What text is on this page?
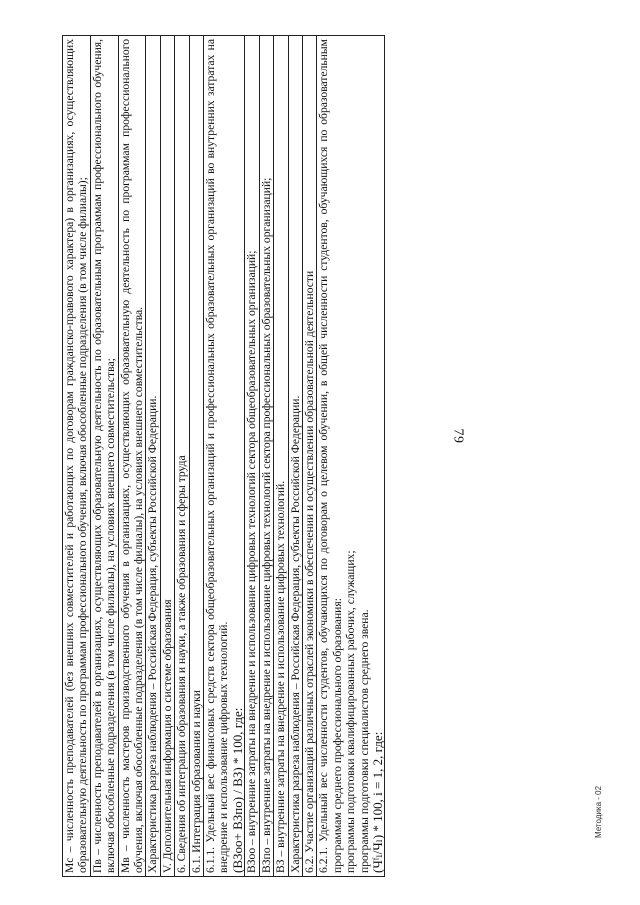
79
Методика - 02
Мс – численность преподавателей (без внешних совместителей и работающих по договорам гражданско-правового характера) в организациях, осуществляющих образовательную деятельность по программам профессионального обучения, включая обособленные подразделения (в том числе филиалы);
Пв – численность преподавателей в организациях, осуществляющих образовательную деятельность по образовательным программам профессионального обучения, включая обособленные подразделения (в том числе филиалы), на условиях внешнего совместительства;
Мв – численность мастеров производственного обучения в организациях, осуществляющих образовательную деятельность по программам профессионального обучения, включая обособленные подразделения (в том числе филиалы), на условиях внешнего совместительства.
Характеристика разреза наблюдения – Российская Федерация, субъекты Российской Федерации.
V. Дополнительная информация о системе образования
6. Сведения об интеграции образования и науки, а также образования и сферы труда
6.1. Интеграция образования и науки

6.1.1. Удельный вес финансовых средств сектора общеобразовательных организаций и профессиональных образовательных организаций во внутренних затратах на внедрение и использование цифровых технологий. (ВЗоо+ ВЗпо) / ВЗ) * 100, где:

ВЗоо – внутренние затраты на внедрение и использование цифровых технологий сектора общеобразовательных организаций;
ВЗпо – внутренние затраты на внедрение и использование цифровых технологий сектора профессиональных образовательных организаций;
ВЗ – внутренние затраты на внедрение и использование цифровых технологий.
Характеристика разреза наблюдения – Российская Федерация, субъекты Российской Федерации.
6.2. Участие организаций различных отраслей экономики в обеспечении и осуществлении образовательной деятельности

6.2.1. Удельный вес численности студентов, обучающихся по договорам о целевом обучении, в общей численности студентов, обучающихся по образовательным программам среднего профессионального образования: программы подготовки квалифицированных рабочих, служащих; программы подготовки специалистов среднего звена. (Чᶠₗ/Чₗ) * 100, i = 1, 2, где:
